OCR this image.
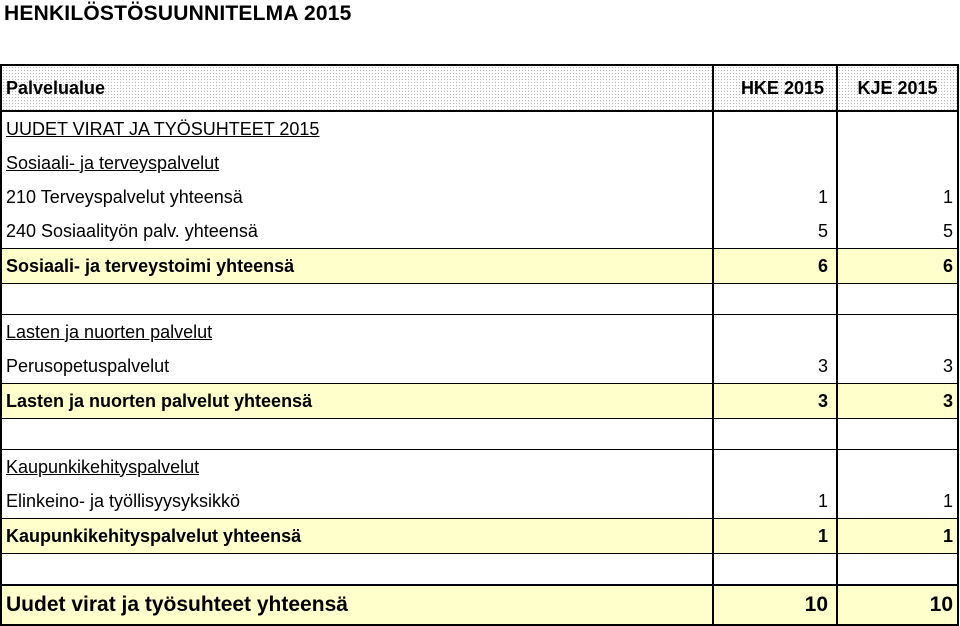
HENKILÖSTÖSUUNNITELMA 2015
Palvelualue	HKE 2015	KJE 2015
UUDET VIRAT JA TYÖSUHTEET 2015		
Sosiaali- ja terveyspalvelut		
210 Terveyspalvelut yhteensä	1	1
240 Sosiaalityön palv. yhteensä	5	5
Sosiaali- ja terveystoimi yhteensä	6	6

Lasten ja nuorten palvelut		
Perusopetuspalvelut	3	3
Lasten ja nuorten palvelut yhteensä	3	3

Kaupunkikehityspalvelut		
Elinkeino- ja työllisyysyksikkö	1	1
Kaupunkikehityspalvelut yhteensä	1	1

Uudet virat ja työsuhteet yhteensä	10	10
